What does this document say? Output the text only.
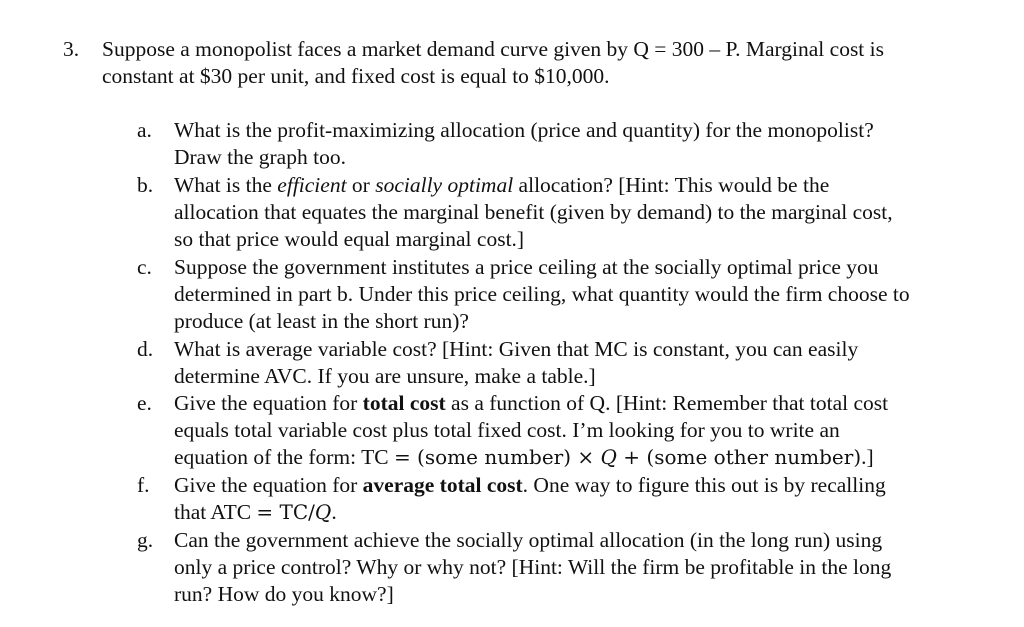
3. Suppose a monopolist faces a market demand curve given by Q = 300 – P. Marginal cost is
constant at $30 per unit, and fixed cost is equal to $10,000.
a. What is the profit-maximizing allocation (price and quantity) for the monopolist?
Draw the graph too.
b. What is the efficient or socially optimal allocation? [Hint: This would be the
allocation that equates the marginal benefit (given by demand) to the marginal cost,
so that price would equal marginal cost.]
c. Suppose the government institutes a price ceiling at the socially optimal price you
determined in part b. Under this price ceiling, what quantity would the firm choose to
produce (at least in the short run)?
d. What is average variable cost? [Hint: Given that MC is constant, you can easily
determine AVC. If you are unsure, make a table.]
e. Give the equation for total cost as a function of Q. [Hint: Remember that total cost
equals total variable cost plus total fixed cost. I’m looking for you to write an
equation of the form: TC = (some number) × Q + (some other number).]
f. Give the equation for average total cost. One way to figure this out is by recalling
that ATC = TC/Q.
g. Can the government achieve the socially optimal allocation (in the long run) using
only a price control? Why or why not? [Hint: Will the firm be profitable in the long
run? How do you know?]
